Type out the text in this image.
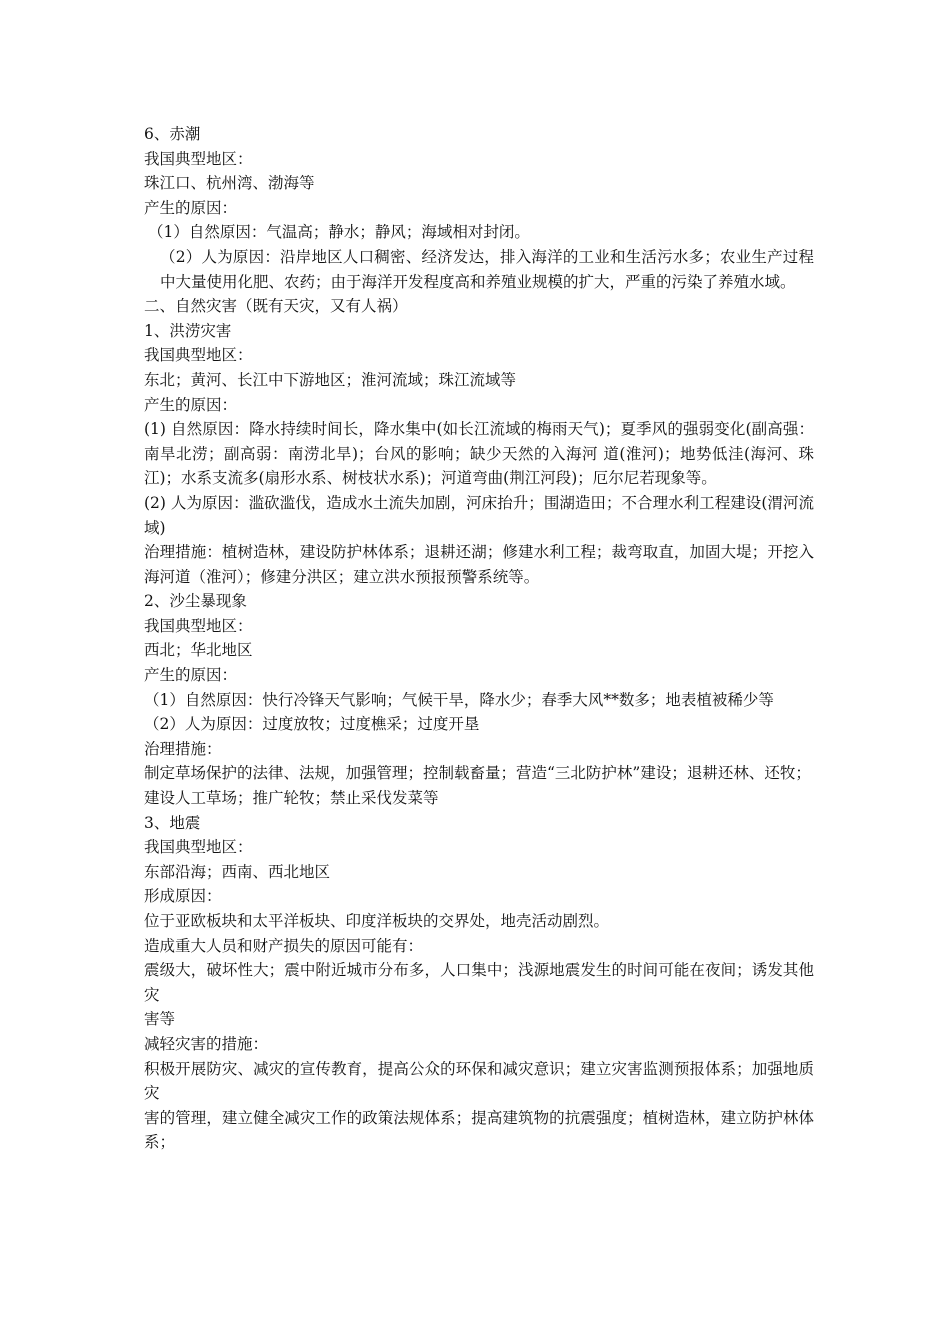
6、赤潮

我国典型地区：

珠江口、杭州湾、渤海等

产生的原因：

（1）自然原因：气温高；静水；静风；海域相对封闭。

（2）人为原因：沿岸地区人口稠密、经济发达，排入海洋的工业和生活污水多；农业生产过程中大量使用化肥、农药；由于海洋开发程度高和养殖业规模的扩大，严重的污染了养殖水域。

二、自然灾害（既有天灾，又有人祸）

1、洪涝灾害

我国典型地区：

东北；黄河、长江中下游地区；淮河流域；珠江流域等

产生的原因：

(1) 自然原因：降水持续时间长，降水集中(如长江流域的梅雨天气)；夏季风的强弱变化(副高强：南旱北涝；副高弱：南涝北旱)；台风的影响；缺少天然的入海河 道(淮河)；地势低洼(海河、珠江)；水系支流多(扇形水系、树枝状水系)；河道弯曲(荆江河段)；厄尔尼若现象等。

(2) 人为原因：滥砍滥伐，造成水土流失加剧，河床抬升；围湖造田；不合理水利工程建设(渭河流域)

治理措施：植树造林，建设防护林体系；退耕还湖；修建水利工程；裁弯取直，加固大堤；开挖入海河道（淮河）；修建分洪区；建立洪水预报预警系统等。

2、沙尘暴现象

我国典型地区：

西北；华北地区

产生的原因：

（1）自然原因：快行冷锋天气影响；气候干旱，降水少；春季大风**数多；地表植被稀少等

（2）人为原因：过度放牧；过度樵采；过度开垦

治理措施：

制定草场保护的法律、法规，加强管理；控制载畜量；营造“三北防护林”建设；退耕还林、还牧；

建设人工草场；推广轮牧；禁止采伐发菜等

3、地震

我国典型地区：

东部沿海；西南、西北地区

形成原因：

位于亚欧板块和太平洋板块、印度洋板块的交界处，地壳活动剧烈。

造成重大人员和财产损失的原因可能有：

震级大，破坏性大；震中附近城市分布多，人口集中；浅源地震发生的时间可能在夜间；诱发其他灾

害等

减轻灾害的措施：

积极开展防灾、减灾的宣传教育，提高公众的环保和减灾意识；建立灾害监测预报体系；加强地质灾

害的管理，建立健全减灾工作的政策法规体系；提高建筑物的抗震强度；植树造林，建立防护林体系；
